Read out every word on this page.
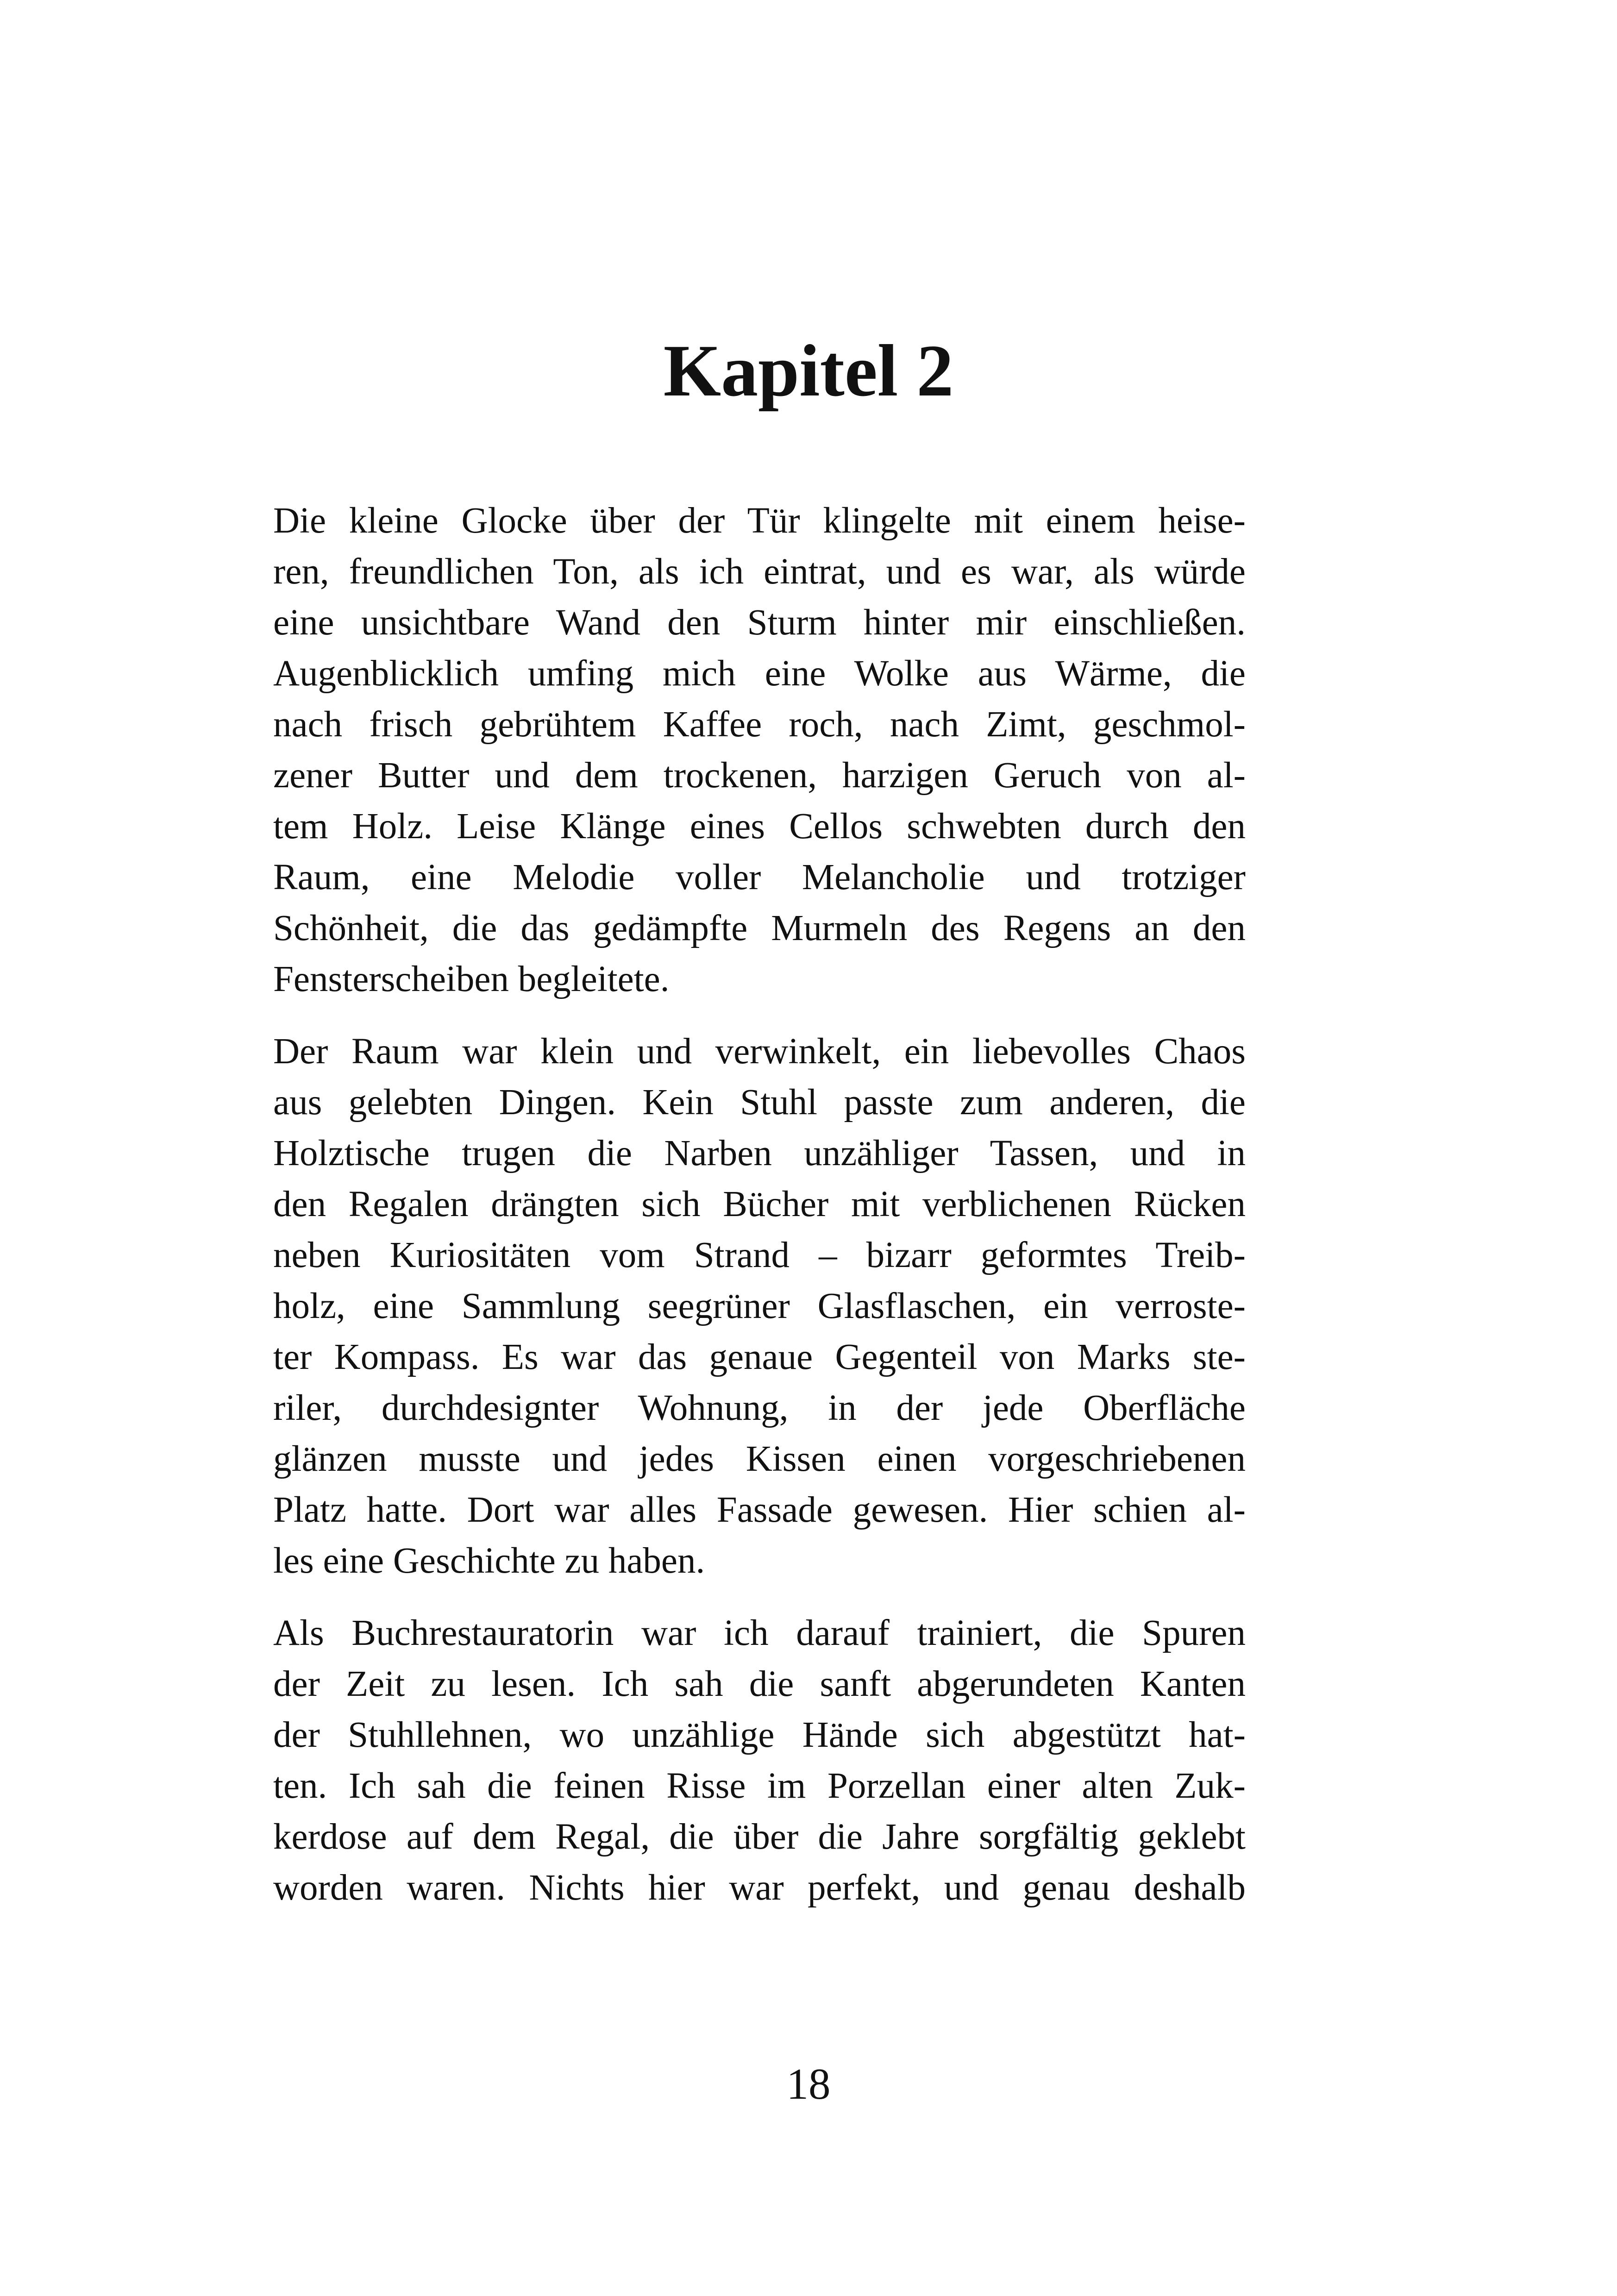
Kapitel 2
Die kleine Glocke über der Tür klingelte mit einem heise-
ren, freundlichen Ton, als ich eintrat, und es war, als würde
eine unsichtbare Wand den Sturm hinter mir einschließen.
Augenblicklich umfing mich eine Wolke aus Wärme, die
nach frisch gebrühtem Kaffee roch, nach Zimt, geschmol-
zener Butter und dem trockenen, harzigen Geruch von al-
tem Holz. Leise Klänge eines Cellos schwebten durch den
Raum, eine Melodie voller Melancholie und trotziger
Schönheit, die das gedämpfte Murmeln des Regens an den
Fensterscheiben begleitete.
Der Raum war klein und verwinkelt, ein liebevolles Chaos
aus gelebten Dingen. Kein Stuhl passte zum anderen, die
Holztische trugen die Narben unzähliger Tassen, und in
den Regalen drängten sich Bücher mit verblichenen Rücken
neben Kuriositäten vom Strand – bizarr geformtes Treib-
holz, eine Sammlung seegrüner Glasflaschen, ein verroste-
ter Kompass. Es war das genaue Gegenteil von Marks ste-
riler, durchdesignter Wohnung, in der jede Oberfläche
glänzen musste und jedes Kissen einen vorgeschriebenen
Platz hatte. Dort war alles Fassade gewesen. Hier schien al-
les eine Geschichte zu haben.
Als Buchrestauratorin war ich darauf trainiert, die Spuren
der Zeit zu lesen. Ich sah die sanft abgerundeten Kanten
der Stuhllehnen, wo unzählige Hände sich abgestützt hat-
ten. Ich sah die feinen Risse im Porzellan einer alten Zuk-
kerdose auf dem Regal, die über die Jahre sorgfältig geklebt
worden waren. Nichts hier war perfekt, und genau deshalb
18
